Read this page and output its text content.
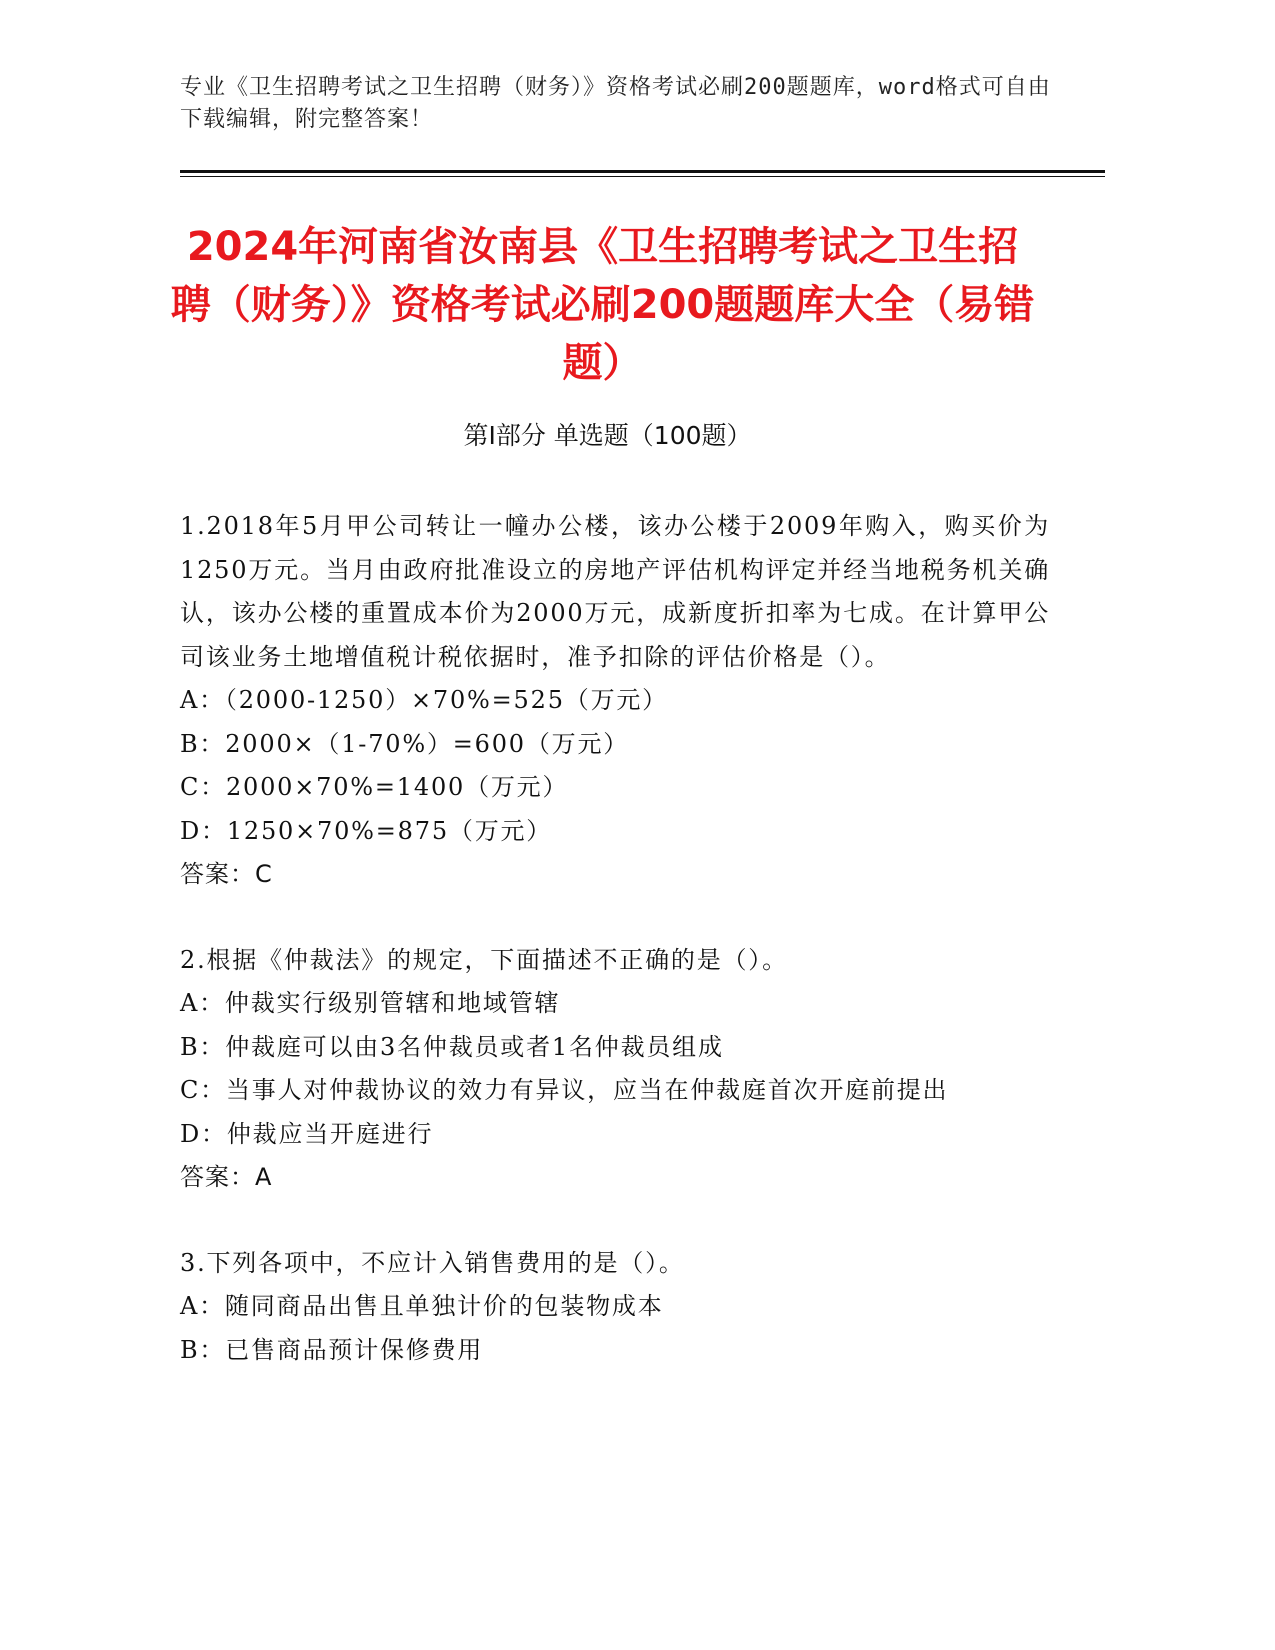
专业《卫生招聘考试之卫生招聘（财务）》资格考试必刷200题题库，word格式可自由下载编辑，附完整答案！
2024年河南省汝南县《卫生招聘考试之卫生招聘（财务）》资格考试必刷200题题库大全（易错题）
第Ⅰ部分 单选题（100题）
1.2018年5月甲公司转让一幢办公楼，该办公楼于2009年购入，购买价为1250万元。当月由政府批准设立的房地产评估机构评定并经当地税务机关确认，该办公楼的重置成本价为2000万元，成新度折扣率为七成。在计算甲公司该业务土地增值税计税依据时，准予扣除的评估价格是（）。
A：（2000-1250）×70%=525（万元）
B：2000×（1-70%）=600（万元）
C：2000×70%=1400（万元）
D：1250×70%=875（万元）
答案：C
2.根据《仲裁法》的规定，下面描述不正确的是（）。
A：仲裁实行级别管辖和地域管辖
B：仲裁庭可以由3名仲裁员或者1名仲裁员组成
C：当事人对仲裁协议的效力有异议，应当在仲裁庭首次开庭前提出
D：仲裁应当开庭进行
答案：A
3.下列各项中，不应计入销售费用的是（）。
A：随同商品出售且单独计价的包装物成本
B：已售商品预计保修费用
